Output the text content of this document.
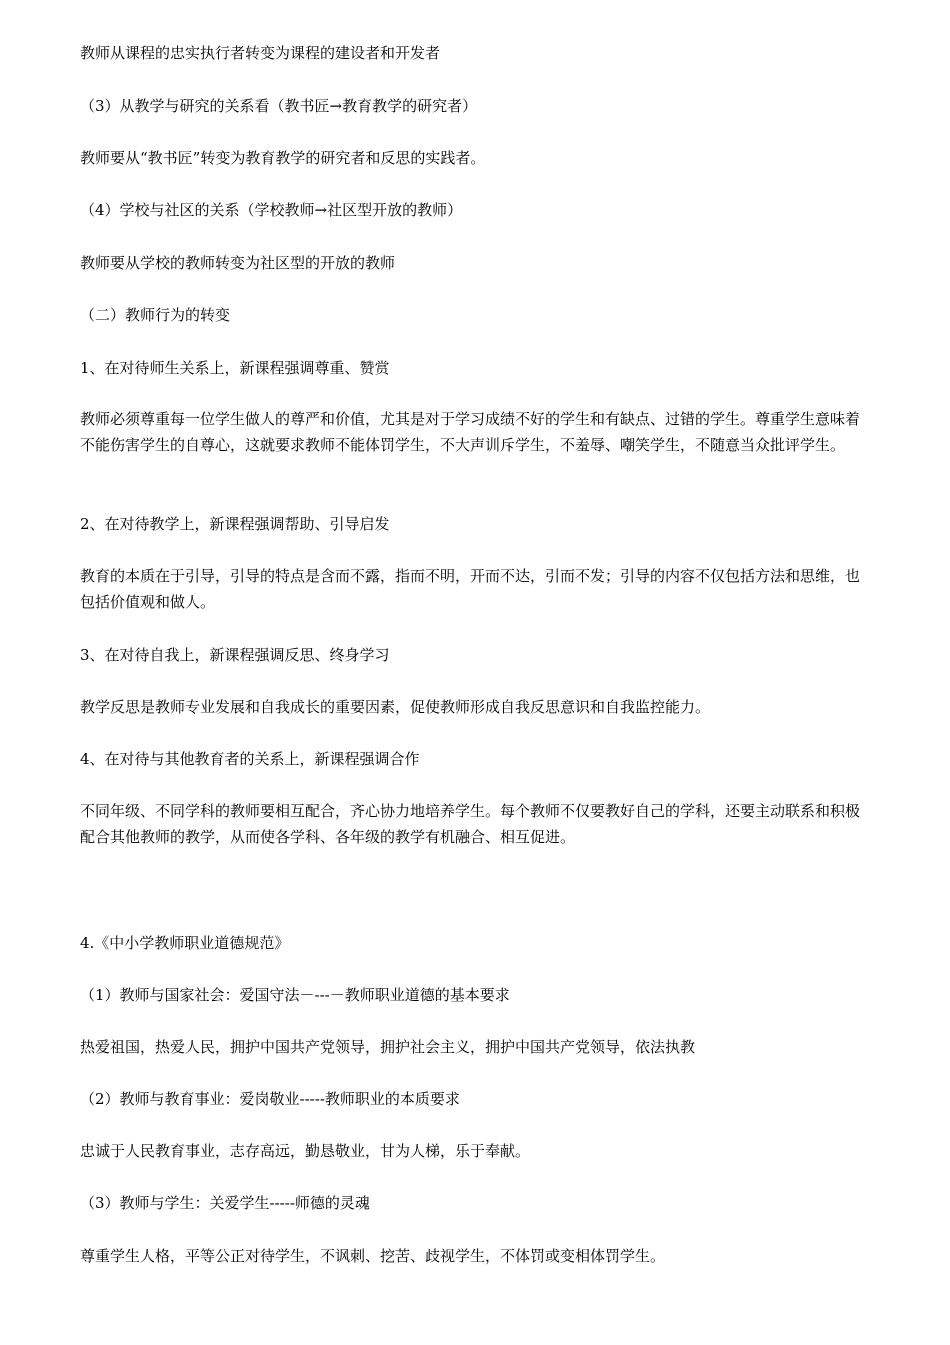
教师从课程的忠实执行者转变为课程的建设者和开发者

（3）从教学与研究的关系看（教书匠→教育教学的研究者）

教师要从“教书匠”转变为教育教学的研究者和反思的实践者。

（4）学校与社区的关系（学校教师→社区型开放的教师）

教师要从学校的教师转变为社区型的开放的教师

（二）教师行为的转变

1、在对待师生关系上，新课程强调尊重、赞赏

教师必须尊重每一位学生做人的尊严和价值，尤其是对于学习成绩不好的学生和有缺点、过错的学生。尊重学生意味着不能伤害学生的自尊心，这就要求教师不能体罚学生，不大声训斥学生，不羞辱、嘲笑学生，不随意当众批评学生。

2、在对待教学上，新课程强调帮助、引导启发

教育的本质在于引导，引导的特点是含而不露，指而不明，开而不达，引而不发；引导的内容不仅包括方法和思维，也包括价值观和做人。

3、在对待自我上，新课程强调反思、终身学习

教学反思是教师专业发展和自我成长的重要因素，促使教师形成自我反思意识和自我监控能力。

4、在对待与其他教育者的关系上，新课程强调合作

不同年级、不同学科的教师要相互配合，齐心协力地培养学生。每个教师不仅要教好自己的学科，还要主动联系和积极配合其他教师的教学，从而使各学科、各年级的教学有机融合、相互促进。

4.《中小学教师职业道德规范》

（1）教师与国家社会：爱国守法－---－教师职业道德的基本要求

热爱祖国，热爱人民，拥护中国共产党领导，拥护社会主义，拥护中国共产党领导，依法执教

（2）教师与教育事业：爱岗敬业-----教师职业的本质要求

忠诚于人民教育事业，志存高远，勤恳敬业，甘为人梯，乐于奉献。

（3）教师与学生：关爱学生-----师德的灵魂

尊重学生人格，平等公正对待学生，不讽刺、挖苦、歧视学生，不体罚或变相体罚学生。
